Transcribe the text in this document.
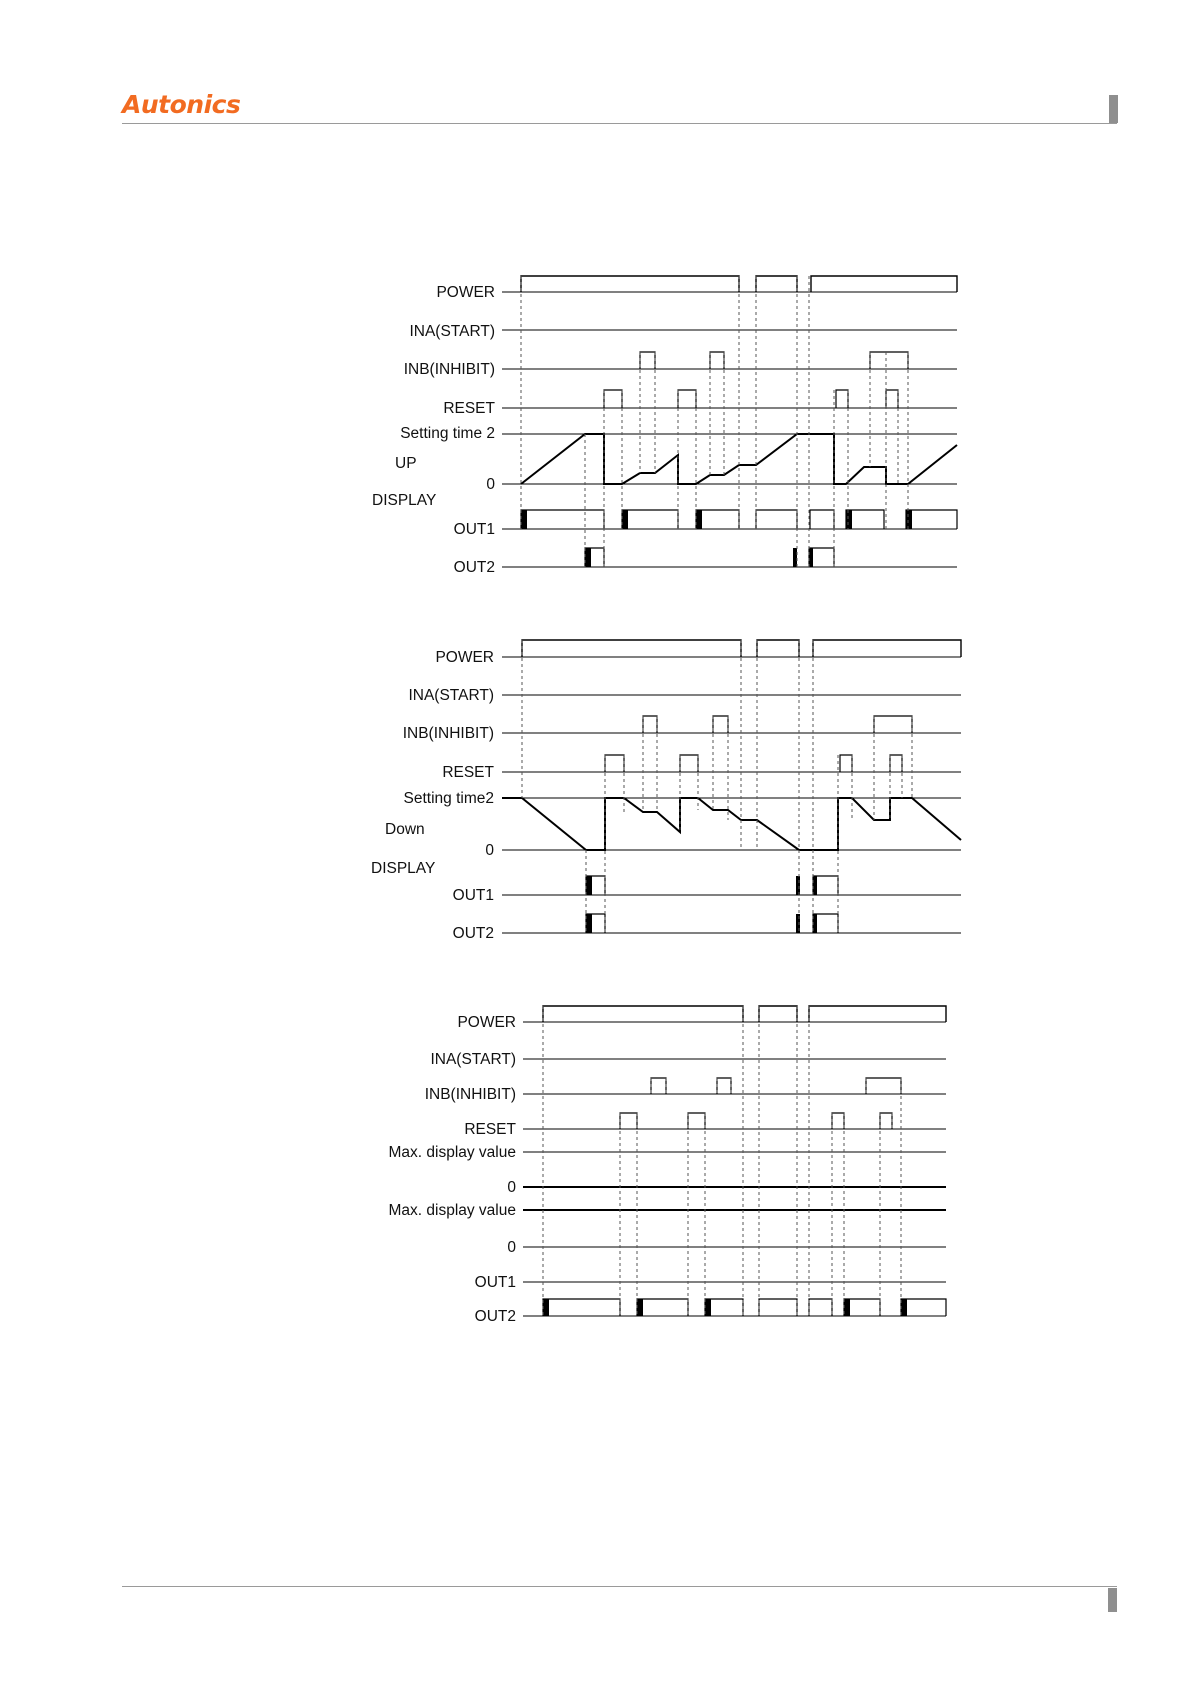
Autonics
POWER
INA(START)
INB(INHIBIT)
RESET
Setting time 2
UP
0
DISPLAY
OUT1
OUT2
POWER
INA(START)
INB(INHIBIT)
RESET
Setting time2
Down
0
DISPLAY
OUT1
OUT2
POWER
INA(START)
INB(INHIBIT)
RESET
Max. display value
0
Max. display value
0
OUT1
OUT2
